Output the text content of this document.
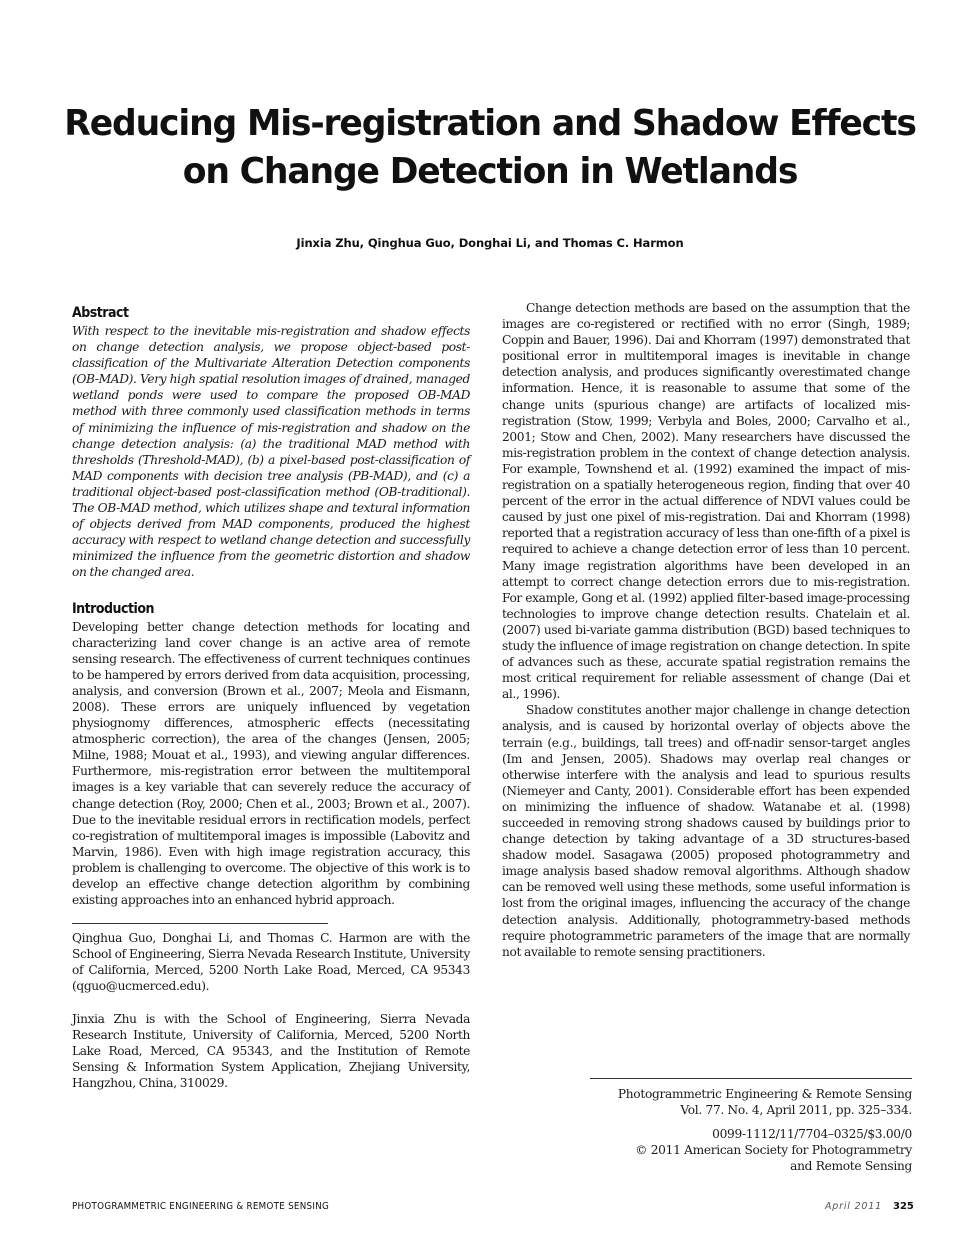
Reducing Mis-registration and Shadow Effects on Change Detection in Wetlands
Jinxia Zhu, Qinghua Guo, Donghai Li, and Thomas C. Harmon
Abstract

With respect to the inevitable mis-registration and shadow effects on change detection analysis, we propose object-based post-classification of the Multivariate Alteration Detection components (OB-MAD). Very high spatial resolution images of drained, managed wetland ponds were used to compare the proposed OB-MAD method with three commonly used classification methods in terms of minimizing the influence of mis-registration and shadow on the change detection analysis: (a) the traditional MAD method with thresholds (Threshold-MAD), (b) a pixel-based post-classification of MAD components with decision tree analysis (PB-MAD), and (c) a traditional object-based post-classification method (OB-traditional). The OB-MAD method, which utilizes shape and textural information of objects derived from MAD components, produced the highest accuracy with respect to wetland change detection and successfully minimized the influence from the geometric distortion and shadow on the changed area.

Introduction

Developing better change detection methods for locating and characterizing land cover change is an active area of remote sensing research. The effectiveness of current techniques continues to be hampered by errors derived from data acquisition, processing, analysis, and conversion (Brown et al., 2007; Meola and Eismann, 2008). These errors are uniquely influenced by vegetation physiognomy differences, atmospheric effects (necessitating atmospheric correction), the area of the changes (Jensen, 2005; Milne, 1988; Mouat et al., 1993), and viewing angular differences. Furthermore, mis-registration error between the multitemporal images is a key variable that can severely reduce the accuracy of change detection (Roy, 2000; Chen et al., 2003; Brown et al., 2007). Due to the inevitable residual errors in rectification models, perfect co-registration of multitemporal images is impossible (Labovitz and Marvin, 1986). Even with high image registration accuracy, this problem is challenging to overcome. The objective of this work is to develop an effective change detection algorithm by combining existing approaches into an enhanced hybrid approach.

Qinghua Guo, Donghai Li, and Thomas C. Harmon are with the School of Engineering, Sierra Nevada Research Institute, University of California, Merced, 5200 North Lake Road, Merced, CA 95343 (qguo@ucmerced.edu).

Jinxia Zhu is with the School of Engineering, Sierra Nevada Research Institute, University of California, Merced, 5200 North Lake Road, Merced, CA 95343, and the Institution of Remote Sensing & Information System Application, Zhejiang University, Hangzhou, China, 310029.

Change detection methods are based on the assumption that the images are co-registered or rectified with no error (Singh, 1989; Coppin and Bauer, 1996). Dai and Khorram (1997) demonstrated that positional error in multitemporal images is inevitable in change detection analysis, and produces significantly overestimated change information. Hence, it is reasonable to assume that some of the change units (spurious change) are artifacts of localized mis-registration (Stow, 1999; Verbyla and Boles, 2000; Carvalho et al., 2001; Stow and Chen, 2002). Many researchers have discussed the mis-registration problem in the context of change detection analysis. For example, Townshend et al. (1992) examined the impact of mis-registration on a spatially heterogeneous region, finding that over 40 percent of the error in the actual difference of NDVI values could be caused by just one pixel of mis-registration. Dai and Khorram (1998) reported that a registration accuracy of less than one-fifth of a pixel is required to achieve a change detection error of less than 10 percent. Many image registration algorithms have been developed in an attempt to correct change detection errors due to mis-registration. For example, Gong et al. (1992) applied filter-based image-processing technologies to improve change detection results. Chatelain et al. (2007) used bi-variate gamma distribution (BGD) based techniques to study the influence of image registration on change detection. In spite of advances such as these, accurate spatial registration remains the most critical requirement for reliable assessment of change (Dai et al., 1996).

Shadow constitutes another major challenge in change detection analysis, and is caused by horizontal overlay of objects above the terrain (e.g., buildings, tall trees) and off-nadir sensor-target angles (Im and Jensen, 2005). Shadows may overlap real changes or otherwise interfere with the analysis and lead to spurious results (Niemeyer and Canty, 2001). Considerable effort has been expended on minimizing the influence of shadow. Watanabe et al. (1998) succeeded in removing strong shadows caused by buildings prior to change detection by taking advantage of a 3D structures-based shadow model. Sasagawa (2005) proposed photogrammetry and image analysis based shadow removal algorithms. Although shadow can be removed well using these methods, some useful information is lost from the original images, influencing the accuracy of the change detection analysis. Additionally, photogrammetry-based methods require photogrammetric parameters of the image that are normally not available to remote sensing practitioners.

Photogrammetric Engineering & Remote Sensing
Vol. 77. No. 4, April 2011, pp. 325–334.
0099-1112/11/7704–0325/$3.00/0
© 2011 American Society for Photogrammetry
and Remote Sensing
PHOTOGRAMMETRIC ENGINEERING & REMOTE SENSING	April 2011 325
